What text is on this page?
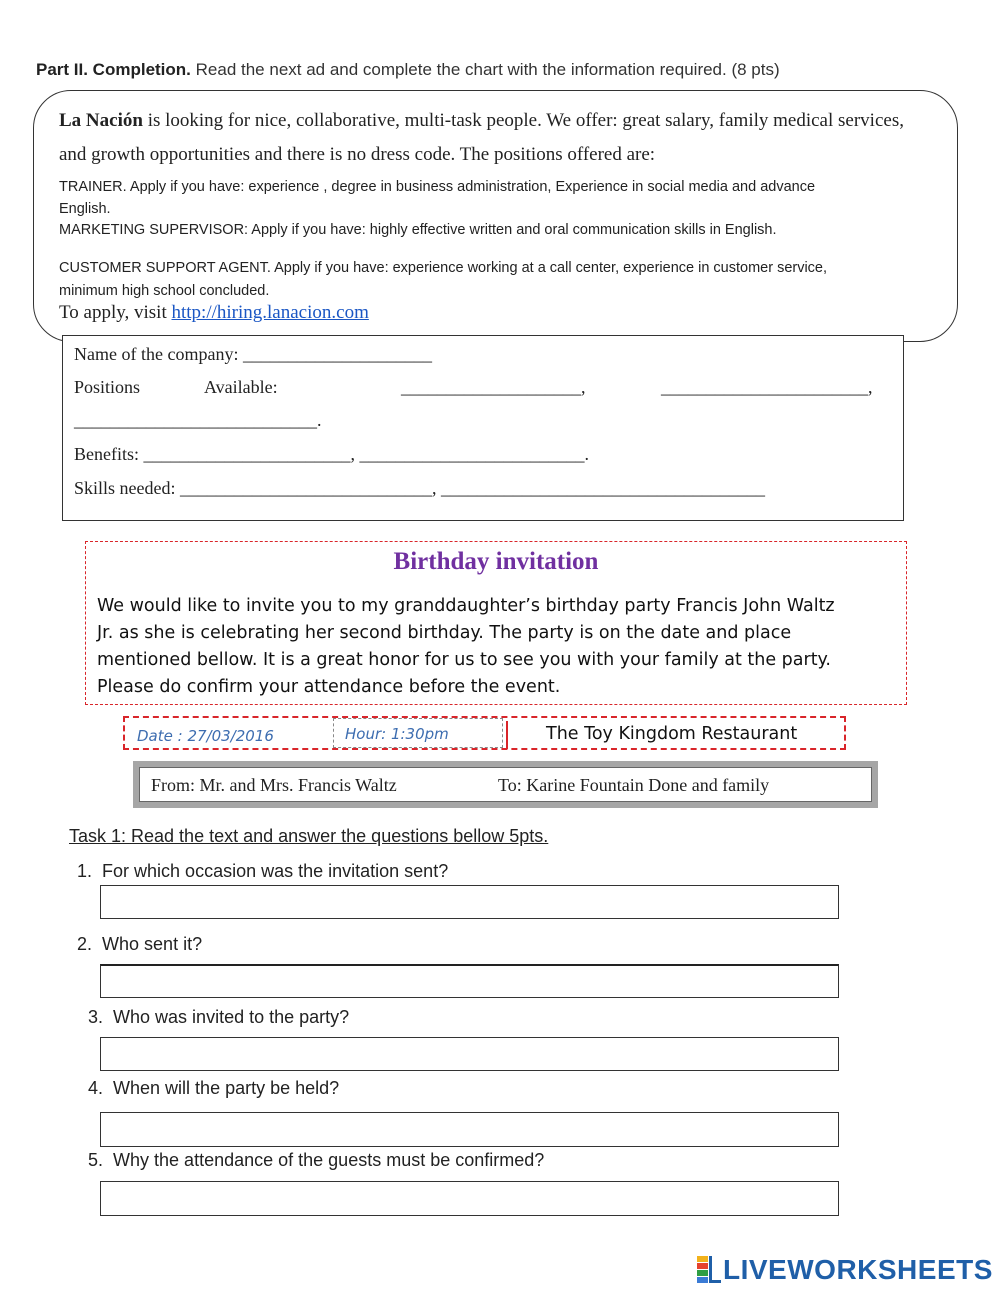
Part II. Completion. Read the next ad and complete the chart with the information required. (8 pts)
La Nación is looking for nice, collaborative, multi-task people. We offer: great salary, family medical services,
and growth opportunities and there is no dress code. The positions offered are:
TRAINER. Apply if you have: experience , degree in business administration, Experience in social media and advance
English.
MARKETING SUPERVISOR: Apply if you have: highly effective written and oral communication skills in English.
CUSTOMER SUPPORT AGENT. Apply if you have: experience working at a call center, experience in customer service,
minimum high school concluded.
To apply, visit http://hiring.lanacion.com
Name of the company: _____________________
Positions	Available:	____________________,	_______________________,
___________________________.
Benefits: _______________________, _________________________.
Skills needed: ____________________________, ____________________________________
Birthday invitation
We would like to invite you to my granddaughter’s birthday party Francis John Waltz
Jr. as she is celebrating her second birthday. The party is on the date and place
mentioned bellow. It is a great honor for us to see you with your family at the party.
Please do confirm your attendance before the event.
Date : 27/03/2016	Hour: 1:30pm	The Toy Kingdom Restaurant
From: Mr. and Mrs. Francis Waltz	To: Karine Fountain Done and family
Task 1: Read the text and answer the questions bellow 5pts.
1. For which occasion was the invitation sent?
2. Who sent it?
3. Who was invited to the party?
4. When will the party be held?
5. Why the attendance of the guests must be confirmed?
LIVEWORKSHEETS
